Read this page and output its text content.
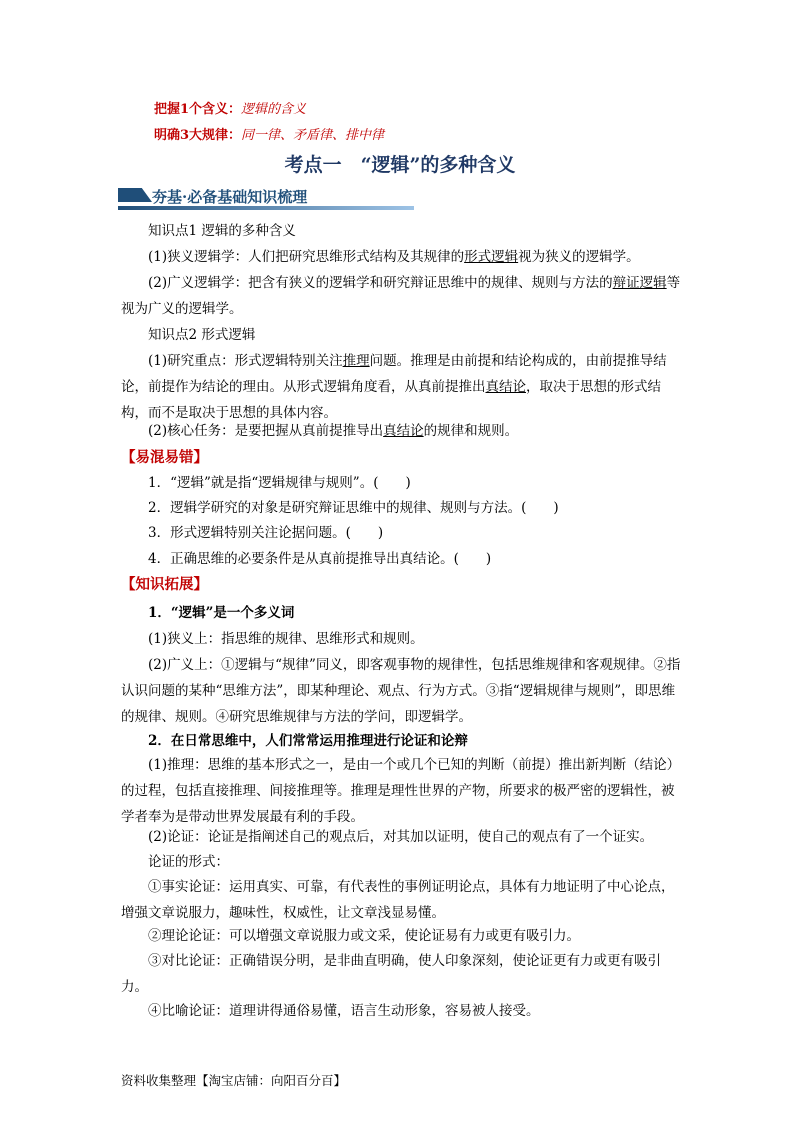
把握1个含义：逻辑的含义
明确3大规律：同一律、矛盾律、排中律
考点一　“逻辑”的多种含义
夯基·必备基础知识梳理
知识点1 逻辑的多种含义
(1)狭义逻辑学：人们把研究思维形式结构及其规律的形式逻辑视为狭义的逻辑学。
(2)广义逻辑学：把含有狭义的逻辑学和研究辩证思维中的规律、规则与方法的辩证逻辑等视为广义的逻辑学。
知识点2 形式逻辑
(1)研究重点：形式逻辑特别关注推理问题。推理是由前提和结论构成的，由前提推导结论，前提作为结论的理由。从形式逻辑角度看，从真前提推出真结论，取决于思想的形式结构，而不是取决于思想的具体内容。
(2)核心任务：是要把握从真前提推导出真结论的规律和规则。
【易混易错】
1．“逻辑”就是指“逻辑规律与规则”。(　　)
2．逻辑学研究的对象是研究辩证思维中的规律、规则与方法。(　　)
3．形式逻辑特别关注论据问题。(　　)
4．正确思维的必要条件是从真前提推导出真结论。(　　)
【知识拓展】
1．“逻辑”是一个多义词
(1)狭义上：指思维的规律、思维形式和规则。
(2)广义上：①逻辑与“规律”同义，即客观事物的规律性，包括思维规律和客观规律。②指认识问题的某种“思维方法”，即某种理论、观点、行为方式。③指“逻辑规律与规则”，即思维的规律、规则。④研究思维规律与方法的学问，即逻辑学。
2．在日常思维中，人们常常运用推理进行论证和论辩
(1)推理：思维的基本形式之一，是由一个或几个已知的判断（前提）推出新判断（结论）的过程，包括直接推理、间接推理等。推理是理性世界的产物，所要求的极严密的逻辑性，被学者奉为是带动世界发展最有利的手段。
(2)论证：论证是指阐述自己的观点后，对其加以证明，使自己的观点有了一个证实。
论证的形式：
①事实论证：运用真实、可靠，有代表性的事例证明论点，具体有力地证明了中心论点，增强文章说服力，趣味性，权威性，让文章浅显易懂。
②理论论证：可以增强文章说服力或文采，使论证易有力或更有吸引力。
③对比论证：正确错误分明，是非曲直明确，使人印象深刻，使论证更有力或更有吸引力。
④比喻论证：道理讲得通俗易懂，语言生动形象，容易被人接受。
资料收集整理【淘宝店铺：向阳百分百】
